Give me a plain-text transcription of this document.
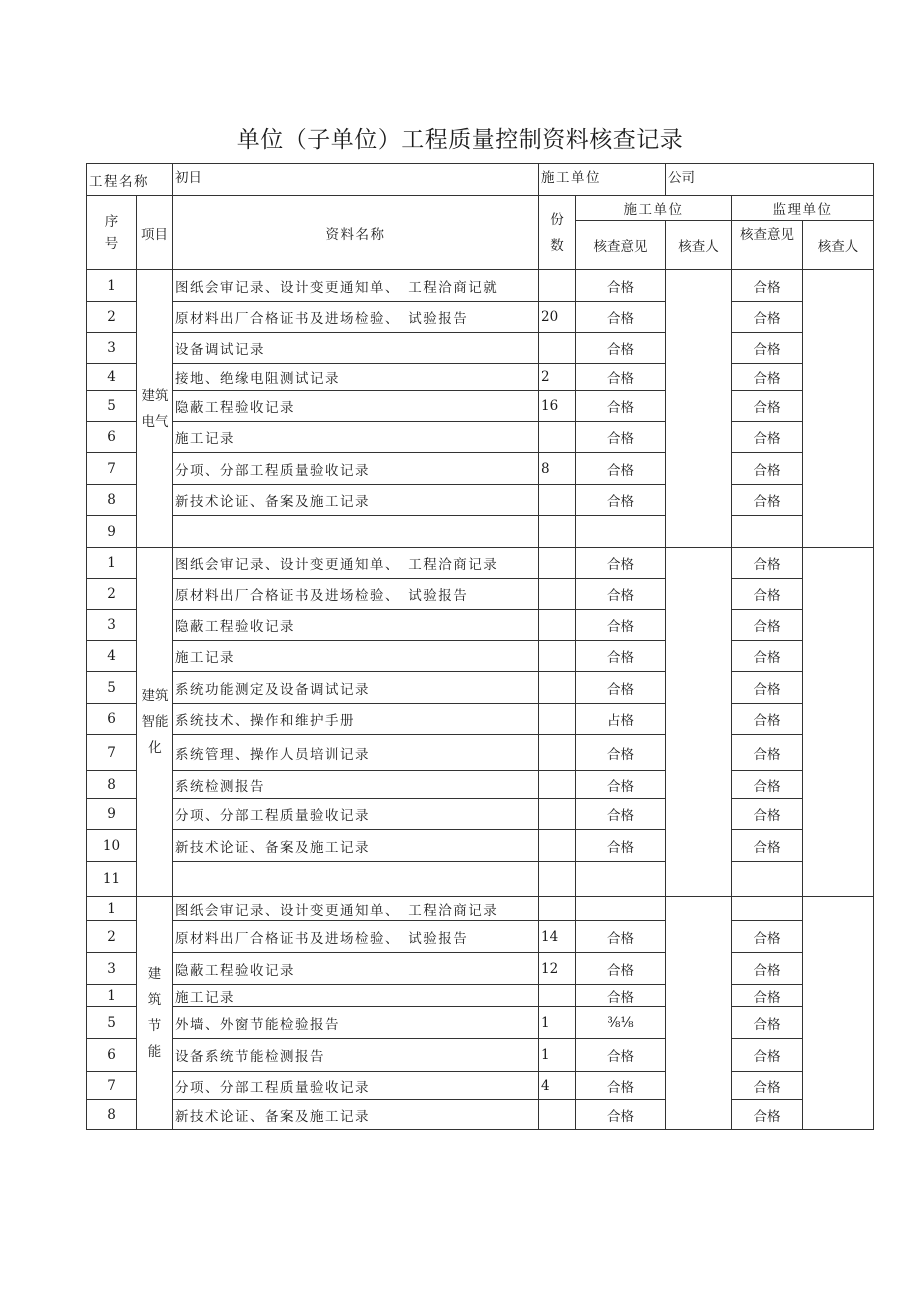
单位（子单位）工程质量控制资料核查记录
工程名称		初日	施工单位		公司		
序号	项目	资料名称	份数	施工单位		监理单位	
				核查意见	核查人	核查意见	核查人
1	建筑电气	图纸会审记录、设计变更通知单、　工程洽商记就		合格		合格	
2		原材料出厂合格证书及进场检验、　试验报告	20	合格		合格	
3		设备调试记录		合格		合格	
4		接地、绝缘电阻测试记录	2	合格		合格	
5		隐蔽工程验收记录	16	合格		合格	
6		施工记录		合格		合格	
7		分项、分部工程质量验收记录	8	合格		合格	
8		新技术论证、备案及施工记录		合格		合格	
9							
1	建筑智能化	图纸会审记录、设计变更通知单、　工程洽商记录		合格		合格	
2		原材料出厂合格证书及进场检验、　试验报告		合格		合格	
3		隐蔽工程验收记录		合格		合格	
4		施工记录		合格		合格	
5		系统功能测定及设备调试记录		合格		合格	
6		系统技术、操作和维护手册		占格		合格	
7		系统管理、操作人员培训记录		合格		合格	
8		系统检测报告		合格		合格	
9		分项、分部工程质量验收记录		合格		合格	
10		新技术论证、备案及施工记录		合格		合格	
11							
1	建筑节能	图纸会审记录、设计变更通知单、　工程洽商记录					
2		原材料出厂合格证书及进场检验、　试验报告	14	合格		合格	
3		隐蔽工程验收记录	12	合格		合格	
1		施工记录		合格		合格	
5		外墙、外窗节能检验报告	1	⅜⅛		合格	
6		设备系统节能检测报告	1	合格		合格	
7		分项、分部工程质量验收记录	4	合格		合格	
8		新技术论证、备案及施工记录		合格		合格	
